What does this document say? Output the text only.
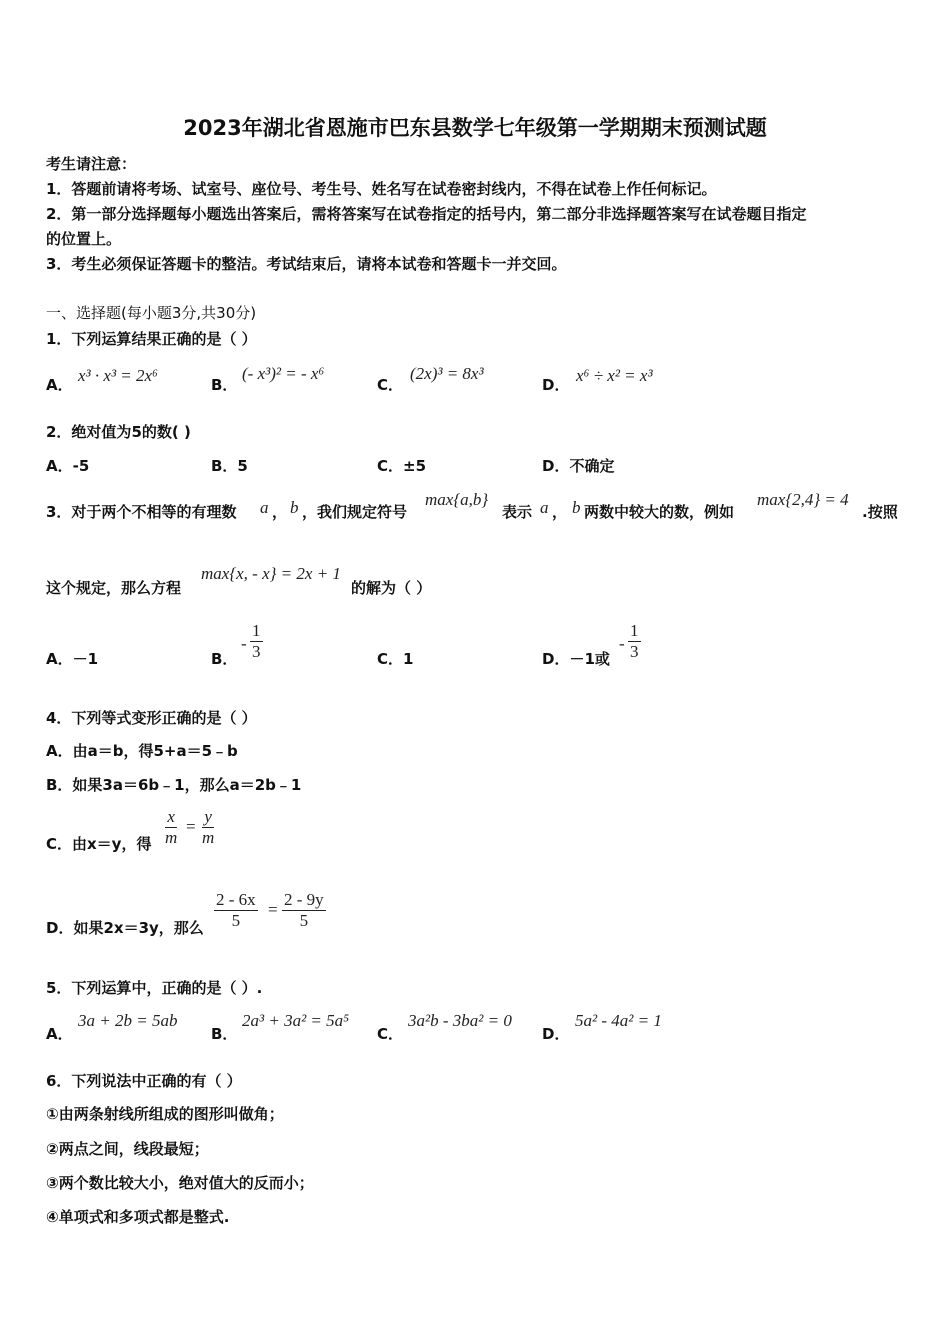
2023年湖北省恩施市巴东县数学七年级第一学期期末预测试题
考生请注意：
1．答题前请将考场、试室号、座位号、考生号、姓名写在试卷密封线内，不得在试卷上作任何标记。
2．第一部分选择题每小题选出答案后，需将答案写在试卷指定的括号内，第二部分非选择题答案写在试卷题目指定
的位置上。
3．考生必须保证答题卡的整洁。考试结束后，请将本试卷和答题卡一并交回。
一、选择题(每小题3分,共30分)
1．下列运算结果正确的是（ ）
A． x³ · x³ = 2x⁶	B．
(- x³)² = - x⁶
C．
(2x)³ = 8x³
D． x⁶ ÷ x² = x³
2．绝对值为5的数( )
A．-5	B．5	C．±5	D．不确定
3．对于两个不相等的有理数 a ， b ，我们规定符号
max{a,b}
表示 a ， b 两数中较大的数，例如
max{2,4} = 4
.按照
这个规定，那么方程
max{x, - x} = 2x + 1
的解为（ ）
A．－1	B．
- $\frac{1}{3}$	C．1	D．－1或
- $\frac{1}{3}$
4．下列等式变形正确的是（ ）
A．由a＝b，得5+a＝5﹣b
B．如果3a＝6b﹣1，那么a＝2b﹣1
C．由x＝y，得 $\frac{x}{m} = \frac{y}{m}$
D．如果2x＝3y，那么 $\frac{2 - 6x}{5} = \frac{2 - 9y}{5}$
5．下列运算中，正确的是（ ）.
A．
3a + 2b = 5ab
B．
2a³ + 3a² = 5a⁵
C．
3a²b - 3ba² = 0
D．
5a² - 4a² = 1
6．下列说法中正确的有（ ）
①由两条射线所组成的图形叫做角；
②两点之间，线段最短；
③两个数比较大小，绝对值大的反而小；
④单项式和多项式都是整式.
